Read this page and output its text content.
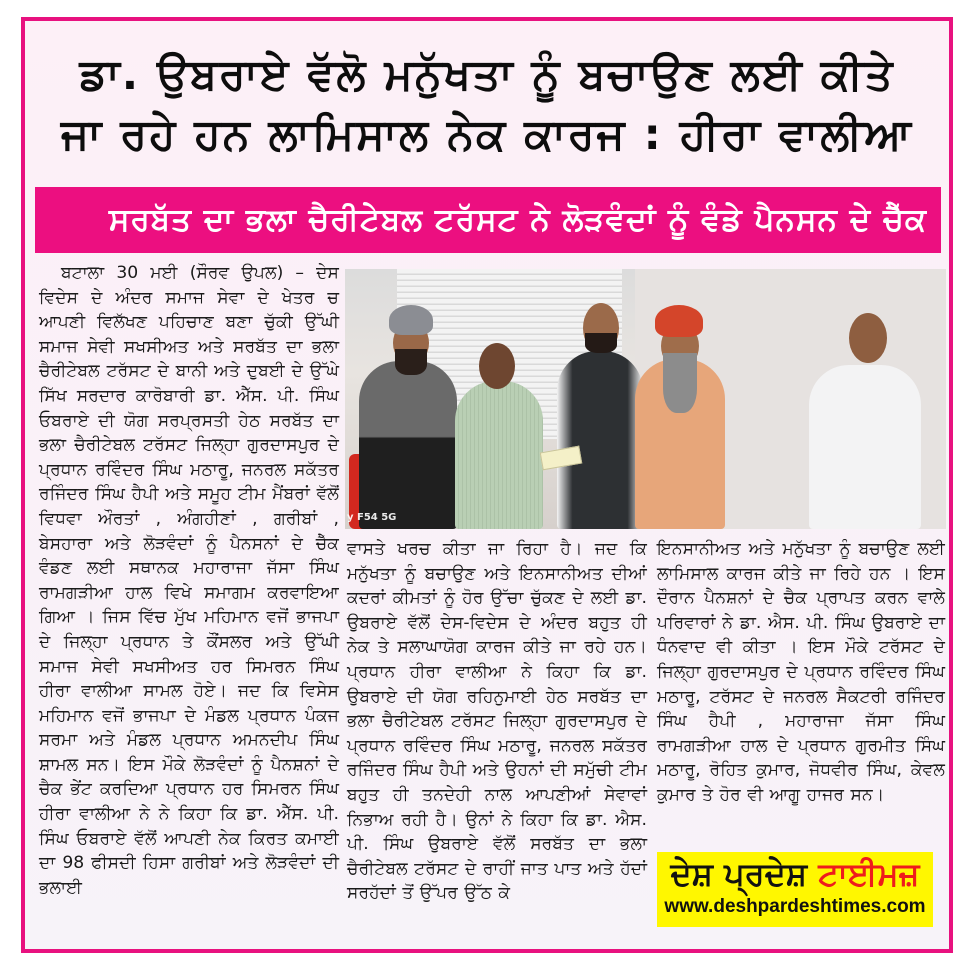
ਡਾ. ਉਬਰਾਏ ਵੱਲੋ ਮਨੁੱਖਤਾ ਨੂੰ ਬਚਾਉਣ ਲਈ ਕੀਤੇ
ਜਾ ਰਹੇ ਹਨ ਲਾਮਿਸਾਲ ਨੇਕ ਕਾਰਜ : ਹੀਰਾ ਵਾਲੀਆ
ਸਰਬੱਤ ਦਾ ਭਲਾ ਚੈਰੀਟੇਬਲ ਟਰੱਸਟ ਨੇ ਲੋੜਵੰਦਾਂ ਨੂੰ ਵੰਡੇ ਪੈਨਸਨ ਦੇ ਚੈੱਕ

ਬਟਾਲਾ 30 ਮਈ (ਸੌਰਵ ਉਪਲ) – ਦੇਸ ਵਿਦੇਸ ਦੇ ਅੰਦਰ ਸਮਾਜ ਸੇਵਾ ਦੇ ਖੇਤਰ ਚ ਆਪਣੀ ਵਿਲੱਖਣ ਪਹਿਚਾਣ ਬਣਾ ਚੁੱਕੀ ਉੱਘੀ ਸਮਾਜ ਸੇਵੀ ਸਖਸੀਅਤ ਅਤੇ ਸਰਬੱਤ ਦਾ ਭਲਾ ਚੈਰੀਟੇਬਲ ਟਰੱਸਟ ਦੇ ਬਾਨੀ ਅਤੇ ਦੁਬਈ ਦੇ ਉੱਘੇ ਸਿੱਖ ਸਰਦਾਰ ਕਾਰੋਬਾਰੀ ਡਾ. ਐੱਸ. ਪੀ. ਸਿੰਘ ਓਬਰਾਏ ਦੀ ਯੋਗ ਸਰਪ੍ਰਸਤੀ ਹੇਠ ਸਰਬੱਤ ਦਾ ਭਲਾ ਚੈਰੀਟੇਬਲ ਟਰੱਸਟ ਜਿਲ੍ਹਾ ਗੁਰਦਾਸਪੁਰ ਦੇ ਪ੍ਰਧਾਨ ਰਵਿੰਦਰ ਸਿੰਘ ਮਠਾਰੂ, ਜਨਰਲ ਸਕੱਤਰ ਰਜਿੰਦਰ ਸਿੰਘ ਹੈਪੀ ਅਤੇ ਸਮੂਹ ਟੀਮ ਮੈਂਬਰਾਂ ਵੱਲੋਂ ਵਿਧਵਾ ਔਰਤਾਂ , ਅੰਗਹੀਣਾਂ , ਗਰੀਬਾਂ , ਬੇਸਹਾਰਾ ਅਤੇ ਲੋੜਵੰਦਾਂ ਨੂੰ ਪੈਨਸਨਾਂ ਦੇ ਚੈੱਕ ਵੰਡਣ ਲਈ ਸਥਾਨਕ ਮਹਾਰਾਜਾ ਜੱਸਾ ਸਿੰਘ ਰਾਮਗੜੀਆ ਹਾਲ ਵਿਖੇ ਸਮਾਗਮ ਕਰਵਾਇਆ ਗਿਆ । ਜਿਸ ਵਿੱਚ ਮੁੱਖ ਮਹਿਮਾਨ ਵਜੋਂ ਭਾਜਪਾ ਦੇ ਜਿਲ੍ਹਾ ਪ੍ਰਧਾਨ ਤੇ ਕੌਂਸਲਰ ਅਤੇ ਉੱਘੀ ਸਮਾਜ ਸੇਵੀ ਸਖਸੀਅਤ ਹਰ ਸਿਮਰਨ ਸਿੰਘ ਹੀਰਾ ਵਾਲੀਆ ਸਾਮਲ ਹੋਏ। ਜਦ ਕਿ ਵਿਸੇਸ ਮਹਿਮਾਨ ਵਜੋਂ ਭਾਜਪਾ ਦੇ ਮੰਡਲ ਪ੍ਰਧਾਨ ਪੰਕਜ ਸਰਮਾ ਅਤੇ ਮੰਡਲ ਪ੍ਰਧਾਨ ਅਮਨਦੀਪ ਸਿੰਘ ਸ਼ਾਮਲ ਸਨ। ਇਸ ਮੌਕੇ ਲੋੜਵੰਦਾਂ ਨੂੰ ਪੈਨਸ਼ਨਾਂ ਦੇ ਚੈਕ ਭੇਂਟ ਕਰਦਿਆ ਪ੍ਰਧਾਨ ਹਰ ਸਿਮਰਨ ਸਿੰਘ ਹੀਰਾ ਵਾਲੀਆ ਨੇ ਨੇ ਕਿਹਾ ਕਿ ਡਾ. ਐੱਸ. ਪੀ. ਸਿੰਘ ਓਬਰਾਏ ਵੱਲੋਂ ਆਪਣੀ ਨੇਕ ਕਿਰਤ ਕਮਾਈ ਦਾ 98 ਫੀਸਦੀ ਹਿਸਾ ਗਰੀਬਾਂ ਅਤੇ ਲੋੜਵੰਦਾਂ ਦੀ ਭਲਾਈ

y F54 5G

ਵਾਸਤੇ ਖਰਚ ਕੀਤਾ ਜਾ ਰਿਹਾ ਹੈ। ਜਦ ਕਿ ਮਨੁੱਖਤਾ ਨੂੰ ਬਚਾਉਣ ਅਤੇ ਇਨਸਾਨੀਅਤ ਦੀਆਂ ਕਦਰਾਂ ਕੀਮਤਾਂ ਨੂੰ ਹੋਰ ਉੱਚਾ ਚੁੱਕਣ ਦੇ ਲਈ ਡਾ. ਉਬਰਾਏ ਵੱਲੋਂ ਦੇਸ-ਵਿਦੇਸ ਦੇ ਅੰਦਰ ਬਹੁਤ ਹੀ ਨੇਕ ਤੇ ਸਲਾਘਾਯੋਗ ਕਾਰਜ ਕੀਤੇ ਜਾ ਰਹੇ ਹਨ। ਪ੍ਰਧਾਨ ਹੀਰਾ ਵਾਲੀਆ ਨੇ ਕਿਹਾ ਕਿ ਡਾ. ਉਬਰਾਏ ਦੀ ਯੋਗ ਰਹਿਨੁਮਾਈ ਹੇਠ ਸਰਬੱਤ ਦਾ ਭਲਾ ਚੈਰੀਟੇਬਲ ਟਰੱਸਟ ਜਿਲ੍ਹਾ ਗੁਰਦਾਸਪੁਰ ਦੇ ਪ੍ਰਧਾਨ ਰਵਿੰਦਰ ਸਿੰਘ ਮਠਾਰੂ, ਜਨਰਲ ਸਕੱਤਰ ਰਜਿੰਦਰ ਸਿੰਘ ਹੈਪੀ ਅਤੇ ਉਹਨਾਂ ਦੀ ਸਮੁੱਚੀ ਟੀਮ ਬਹੁਤ ਹੀ ਤਨਦੇਹੀ ਨਾਲ ਆਪਣੀਆਂ ਸੇਵਾਵਾਂ ਨਿਭਾਅ ਰਹੀ ਹੈ। ਉਨਾਂ ਨੇ ਕਿਹਾ ਕਿ ਡਾ. ਐਸ. ਪੀ. ਸਿੰਘ ਉਬਰਾਏ ਵੱਲੋਂ ਸਰਬੱਤ ਦਾ ਭਲਾ ਚੈਰੀਟੇਬਲ ਟਰੱਸਟ ਦੇ ਰਾਹੀਂ ਜਾਤ ਪਾਤ ਅਤੇ ਹੱਦਾਂ ਸਰਹੱਦਾਂ ਤੋਂ ਉੱਪਰ ਉੱਠ ਕੇ

ਇਨਸਾਨੀਅਤ ਅਤੇ ਮਨੁੱਖਤਾ ਨੂੰ ਬਚਾਉਣ ਲਈ ਲਾਮਿਸਾਲ ਕਾਰਜ ਕੀਤੇ ਜਾ ਰਿਹੇ ਹਨ । ਇਸ ਦੌਰਾਨ ਪੈਨਸ਼ਨਾਂ ਦੇ ਚੈਕ ਪ੍ਰਾਪਤ ਕਰਨ ਵਾਲੇ ਪਰਿਵਾਰਾਂ ਨੇ ਡਾ. ਐਸ. ਪੀ. ਸਿੰਘ ਉਬਰਾਏ ਦਾ ਧੰਨਵਾਦ ਵੀ ਕੀਤਾ । ਇਸ ਮੌਕੇ ਟਰੱਸਟ ਦੇ ਜਿਲ੍ਹਾ ਗੁਰਦਾਸਪੁਰ ਦੇ ਪ੍ਰਧਾਨ ਰਵਿੰਦਰ ਸਿੰਘ ਮਠਾਰੂ, ਟਰੱਸਟ ਦੇ ਜਨਰਲ ਸੈਕਟਰੀ ਰਜਿੰਦਰ ਸਿੰਘ ਹੈਪੀ , ਮਹਾਰਾਜਾ ਜੱਸਾ ਸਿੰਘ ਰਾਮਗੜੀਆ ਹਾਲ ਦੇ ਪ੍ਰਧਾਨ ਗੁਰਮੀਤ ਸਿੰਘ ਮਠਾਰੂ, ਰੋਹਿਤ ਕੁਮਾਰ, ਜੋਧਵੀਰ ਸਿੰਘ, ਕੇਵਲ ਕੁਮਾਰ ਤੇ ਹੋਰ ਵੀ ਆਗੂ ਹਾਜਰ ਸਨ।

ਦੇਸ਼ ਪ੍ਰਦੇਸ਼ ਟਾਈਮਜ਼
www.deshpardeshtimes.com
